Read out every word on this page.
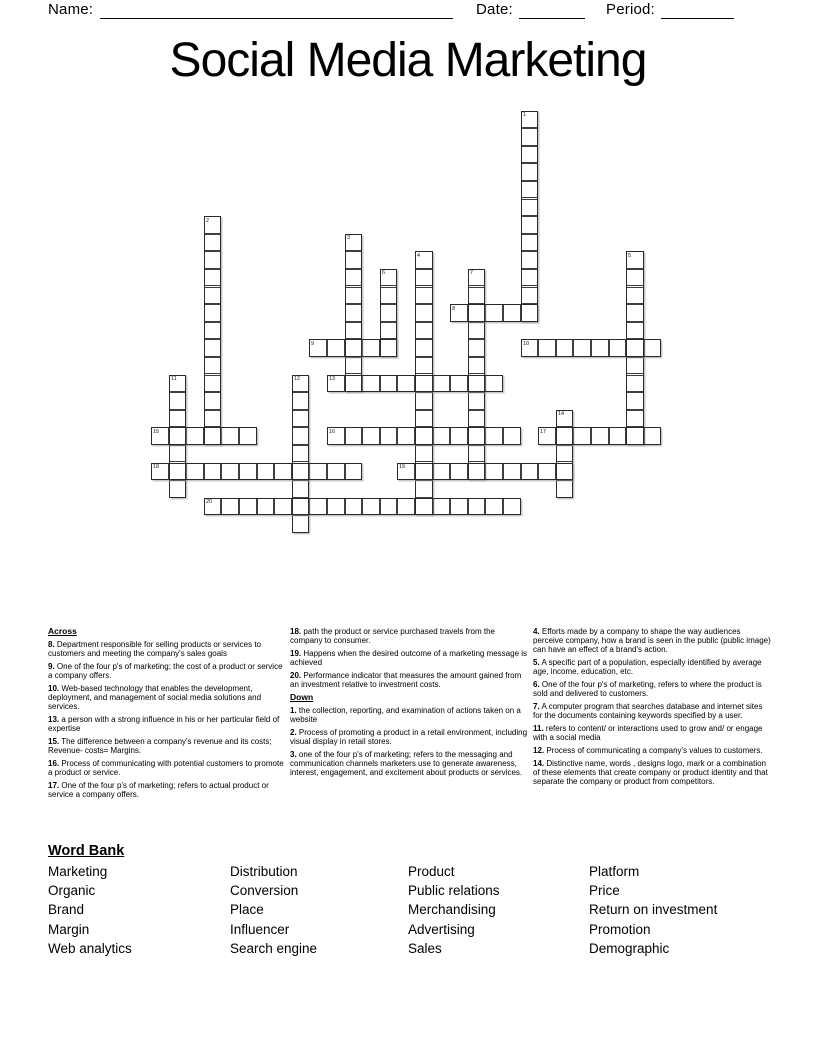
Name:	Date:	Period:
Social Media Marketing
1
2
3
4	5
6	7
8
9	10
11	12	13
14
15	16	17
18	19
20
Across

8. Department responsible for selling products or services to customers and meeting the company's sales goals

9. One of the four p's of marketing; the cost of a product or service a company offers.

10. Web-based technology that enables the development, deployment, and management of social media solutions and services.

13. a person with a strong influence in his or her particular field of expertise

15. The difference between a company's revenue and its costs; Revenue- costs= Margins.

16. Process of communicating with potential customers to promote a product or service.

17. One of the four p's of marketing; refers to actual product or service a company offers.

18. path the product or service purchased travels from the company to consumer.

19. Happens when the desired outcome of a marketing message is achieved

20. Performance indicator that measures the amount gained from an investment relative to investment costs.

Down

1. the collection, reporting, and examination of actions taken on a website

2. Process of promoting a product in a retail environment, including visual display in retail stores.

3. one of the four p's of marketing; refers to the messaging and communication channels marketers use to generate awareness, interest, engagement, and excitement about products or services.

4. Efforts made by a company to shape the way audiences perceive company, how a brand is seen in the public (public image) can have an effect of a brand's action.

5. A specific part of a population, especially identified by average age, income, education, etc.

6. One of the four p's of marketing, refers to where the product is sold and delivered to customers.

7. A computer program that searches database and internet sites for the documents containing keywords specified by a user.

11. refers to content/ or interactions used to grow and/ or engage with a social media

12. Process of communicating a company's values to customers.

14. Distinctive name, words , designs logo, mark or a combination of these elements that create company or product identity and that separate the company or product from competitors.

Word Bank
Marketing
Organic
Brand
Margin
Web analytics
Distribution
Conversion
Place
Influencer
Search engine
Product
Public relations
Merchandising
Advertising
Sales
Platform
Price
Return on investment
Promotion
Demographic
